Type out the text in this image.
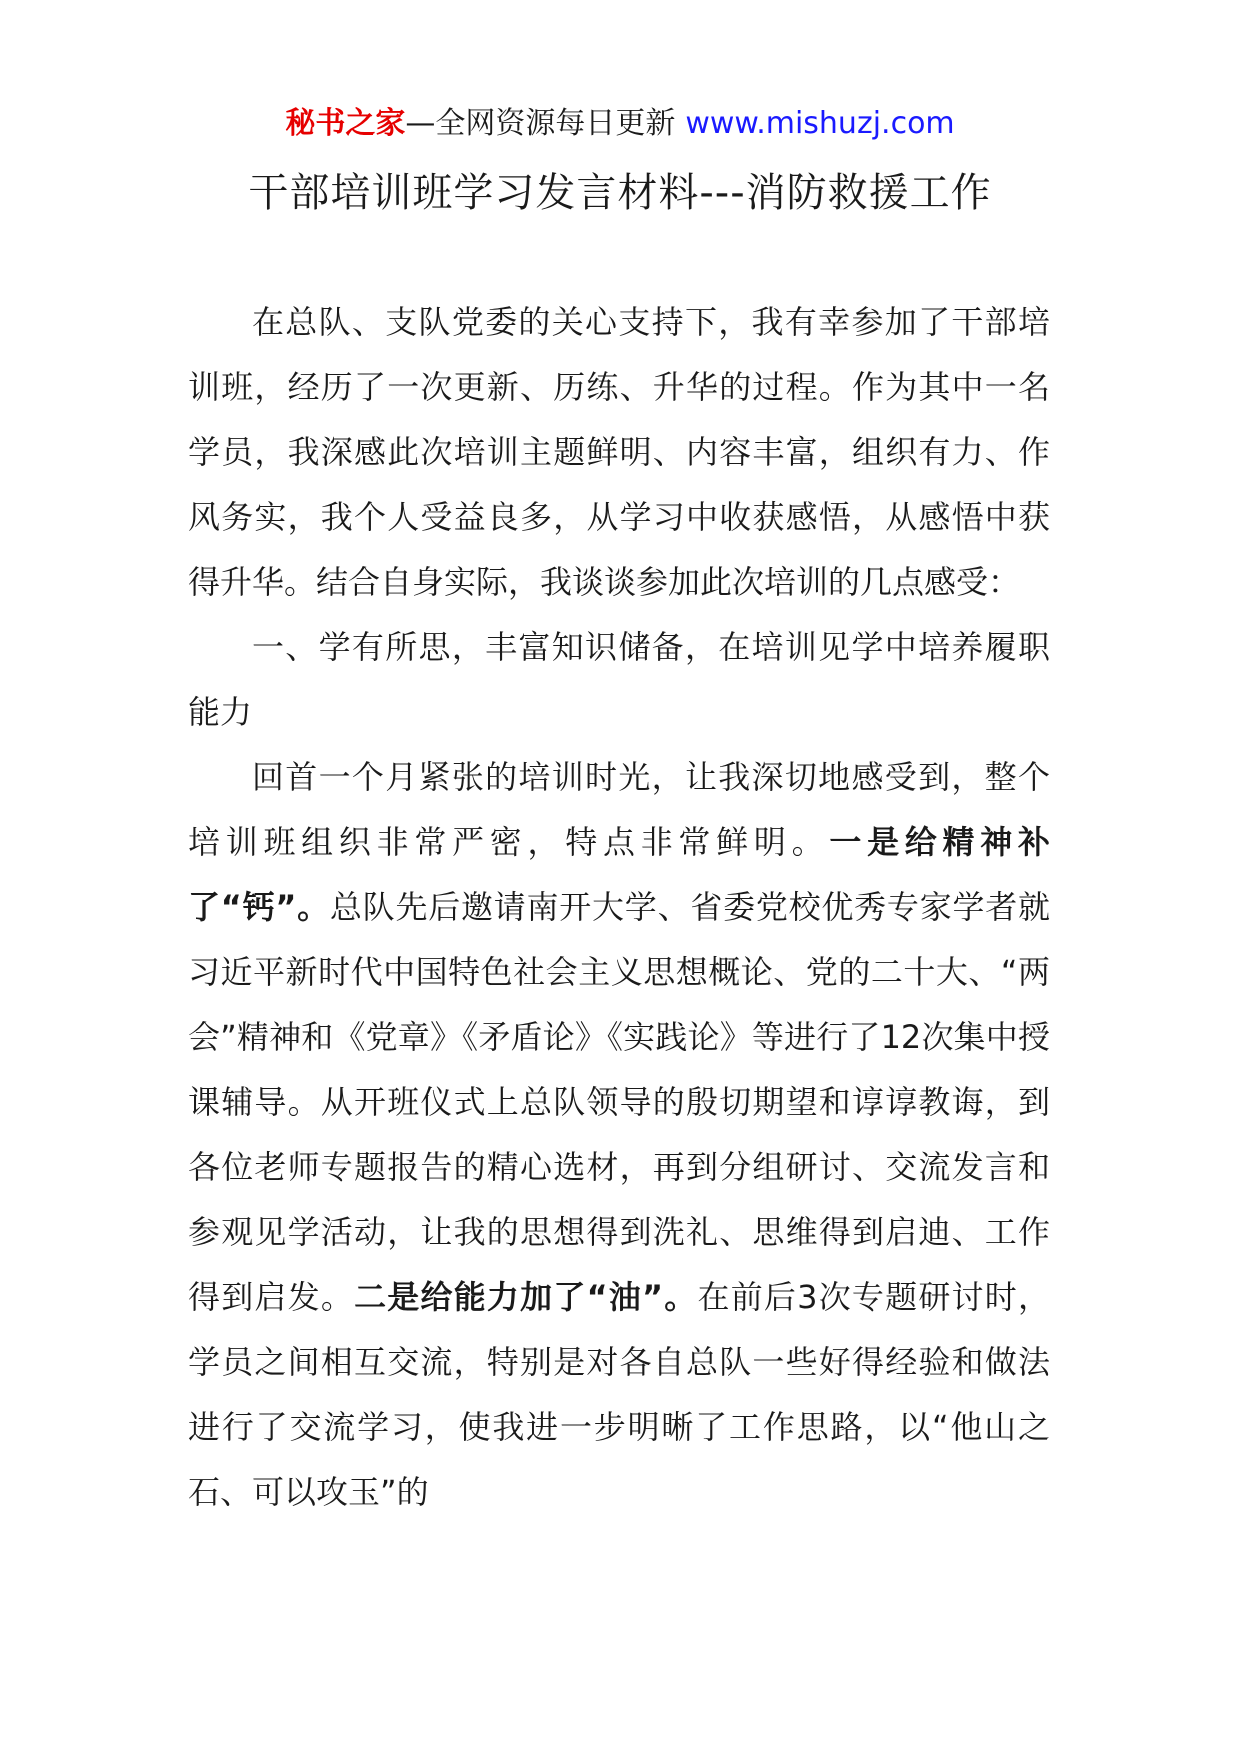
秘书之家—全网资源每日更新 www.mishuzj.com
干部培训班学习发言材料---消防救援工作

在总队、支队党委的关心支持下，我有幸参加了干部培训班，经历了一次更新、历练、升华的过程。作为其中一名学员，我深感此次培训主题鲜明、内容丰富，组织有力、作风务实，我个人受益良多，从学习中收获感悟，从感悟中获得升华。结合自身实际，我谈谈参加此次培训的几点感受：

一、学有所思，丰富知识储备，在培训见学中培养履职能力

回首一个月紧张的培训时光，让我深切地感受到，整个培训班组织非常严密，特点非常鲜明。一是给精神补了“钙”。总队先后邀请南开大学、省委党校优秀专家学者就习近平新时代中国特色社会主义思想概论、党的二十大、“两会”精神和《党章》《矛盾论》《实践论》等进行了12次集中授课辅导。从开班仪式上总队领导的殷切期望和谆谆教诲，到各位老师专题报告的精心选材，再到分组研讨、交流发言和参观见学活动，让我的思想得到洗礼、思维得到启迪、工作得到启发。二是给能力加了“油”。在前后3次专题研讨时，学员之间相互交流，特别是对各自总队一些好得经验和做法进行了交流学习，使我进一步明晰了工作思路，以“他山之石、可以攻玉”的
